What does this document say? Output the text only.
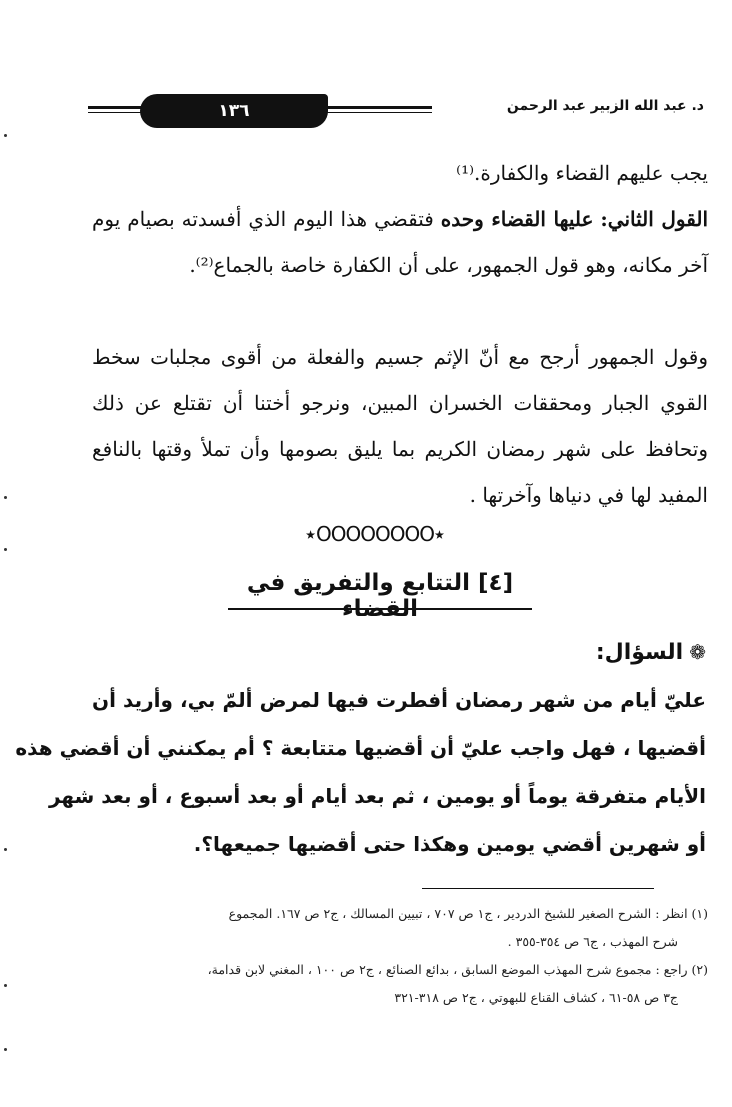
١٣٦	د. عبد الله الزبير عبد الرحمن
يجب عليهم القضاء والكفارة.⁽¹⁾
القول الثاني: عليها القضاء وحده فتقضي هذا اليوم الذي أفسدته بصيام يوم آخر مكانه، وهو قول الجمهور، على أن الكفارة خاصة بالجماع⁽²⁾.
وقول الجمهور أرجح مع أنّ الإثم جسيم والفعلة من أقوى مجلبات سخط القوي الجبار ومحققات الخسران المبين، ونرجو أختنا أن تقتلع عن ذلك وتحافظ على شهر رمضان الكريم بما يليق بصومها وأن تملأ وقتها بالنافع المفيد لها في دنياها وآخرتها .
٭OOOOOOOO٭
[٤] التتابع والتفريق في القضاء
❁السؤال:
عليّ أيام من شهر رمضان أفطرت فيها لمرض ألمّ بي، وأريد أن
أقضيها ، فهل واجب عليّ أن أقضيها متتابعة ؟ أم يمكنني أن أقضي هذه
الأيام متفرقة يوماً أو يومين ، ثم بعد أيام أو بعد أسبوع ، أو بعد شهر
أو شهرين أقضي يومين وهكذا حتى أقضيها جميعها؟.
(١) انظر : الشرح الصغير للشيخ الدردير ، ج١ ص ٧٠٧ ، تبيين المسالك ، ج٢ ص ١٦٧. المجموع
شرح المهذب ، ج٦ ص ٣٥٤-٣٥٥ .
(٢) راجع : مجموع شرح المهذب الموضع السابق ، بدائع الصنائع ، ج٢ ص ١٠٠ ، المغني لابن قدامة،
ج٣ ص ٥٨-٦١ ، كشاف القناع للبهوتي ، ج٢ ص ٣١٨-٣٢١
